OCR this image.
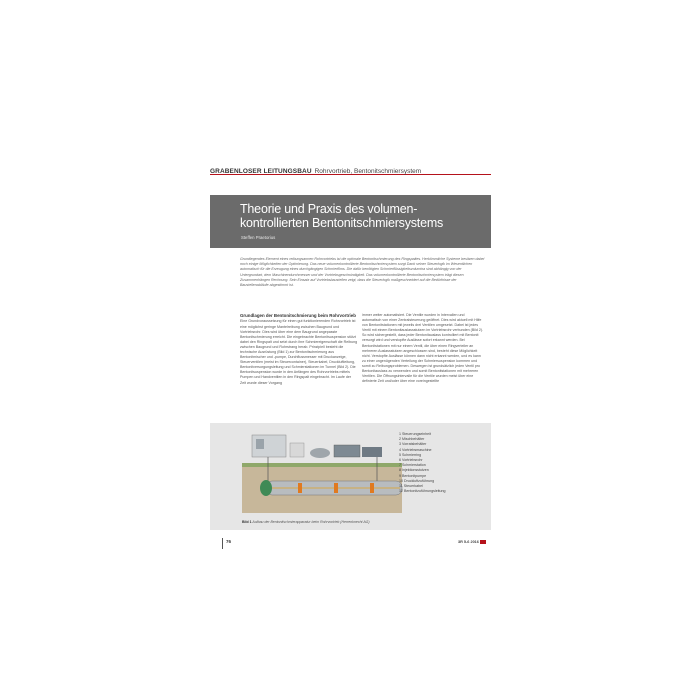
GRABENLOSER LEITUNGSBAU Rohrvortrieb, Bentonitschmiersystem
Theorie und Praxis des volumen-kontrollierten Bentonitschmiersystems
Steffen Praetorius
Grundlegendes Element eines reibungsarmen Rohrvortriebs ist die optimale Bentonitschmierung des Ringspaltes. Herkömmliche Systeme besitzen dabei noch einige Möglichkeiten der Optimierung. Das neue volumenkontrollierte Bentonitschmiersystem sorgt Dank seiner Steuerlogik im Wesentlichen automatisch für die Erzeugung eines durchgängigen Schmierfilms. Die dafür benötigten Schmierflüssigkeitsvolumina sind abhängig von der Untergrundart, dem Maschinendurchmesser und der Vortriebsgeschwindigkeit. Das volumenkontrollierte Bentonitschmiersystem trägt diesen Zusammenhängen Rechnung. Sein Einsatz auf Vortriebsbaustellen zeigt, dass die Steuerlogik maßgeschneidert auf die Bedürfnisse der Baustellenabläufe abgestimmt ist.
Grundlagen der Bentonitschmierung beim Rohrvortrieb
Eine Grundvoraussetzung für einen gut funktionierenden Rohrvortrieb ist eine möglichst geringe Mantelreibung zwischen Baugrund und Vortriebsrohr. Dies wird über eine dem Baugrund angepasste Bentonitschmierung erreicht. Die eingebrachte Bentonitsuspension stützt dabei den Ringspalt und setzt durch ihre Schmiereigenschaft die Reibung zwischen Baugrund und Rohrstrang herab. Prinzipiell besteht die technische Ausrüstung (Bild 1) zur Bentonitschmierung aus Bentonitmischer und -pumpe, Durchflussmesser mit Druckanzeige, Steuerventilen (meist im Steuercontainer), Steuerkabel, Druckluftleitung, Bentonitversorgungsleitung und Schmierstationen im Tunnel (Bild 2). Die Bentonitsuspension wurde in den Anfängen des Rohrvortriebs mittels Pumpen und Handventilen in den Ringspalt eingebracht. Im Laufe der Zeit wurde dieser Vorgang
immer weiter automatisiert. Die Ventile wurden in Intervallen und automatisch von einer Zentralsteuerung geöffnet. Dies wird aktuell mit Hilfe von Bentonitstationen mit jeweils drei Ventilen umgesetzt. Dabei ist jedes Ventil mit einem Bentonitauslassstutzen im Vortriebsrohr verbunden (Bild 2). So wird sichergestellt, dass jeder Bentonitauslass kontrolliert mit Bentonit versorgt wird und verstopfte Auslässe sofort erkannt werden. Bei Bentonitstationen mit nur einem Ventil, die über einen Ringverteiler an mehreren Auslassstutzen angeschlossen sind, besteht diese Möglichkeit nicht. Verstopfte Auslässe können dann nicht erkannt werden, und es kann zu einer ungenügenden Verteilung der Schmiersuspension kommen und somit zu Reibungsproblemen. Deswegen ist grundsätzlich jeden Ventil pro Bentonitauslass zu verwenden und somit Bentonitstationen mit mehreren Ventilen. Die Öffnungsintervalle für die Ventile wurden meist über eine definierte Zeit und/oder über eine voreingestellte
1 Steuerungseinheit
2 Mischbehälter
3 Vorratsbehälter
4 Vortriebsmaschine
5 Schmierring
6 Vortriebsrohr
7 Schmierstation
8 Injektionsstutzen
9 Bentonitpumpe
10 Druckluftzuführung
11 Steuerkabel
12 Bentonitzuführungsleitung
Bild 1 Aufbau der Bentonitschmierapparatur beim Rohrvortrieb (Herrenknecht AG)
76	3R 5-6 2016
